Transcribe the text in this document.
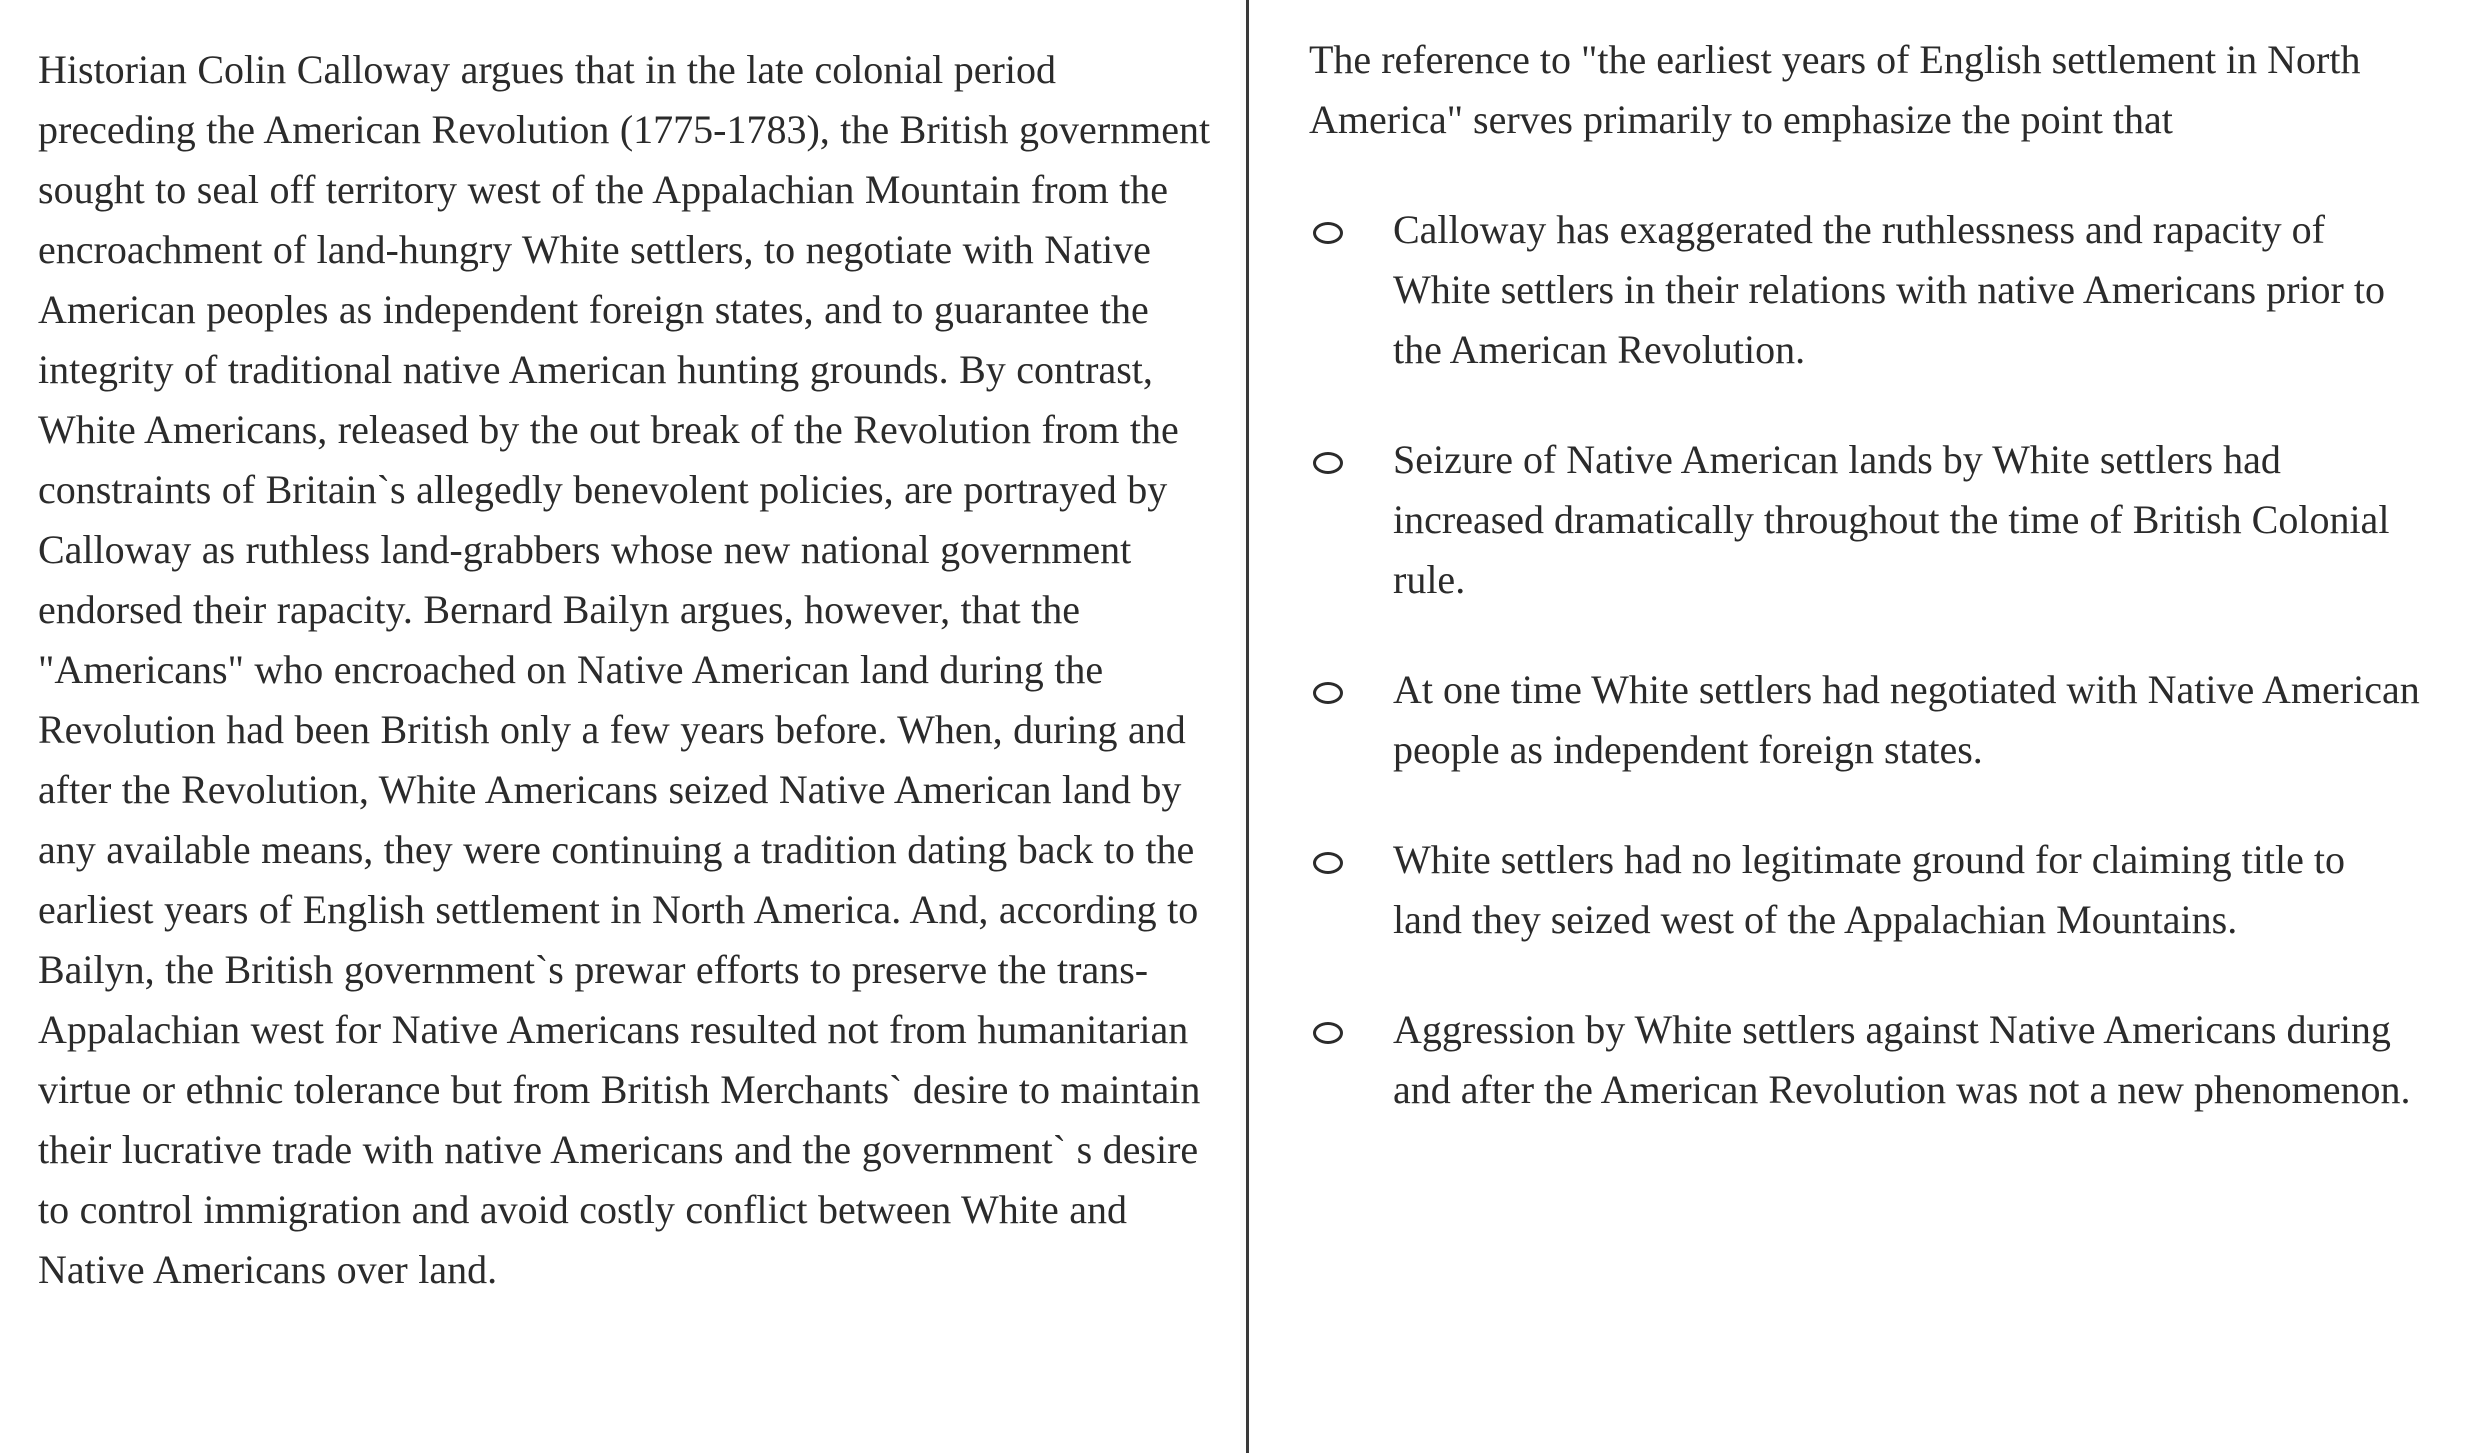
Historian Colin Calloway argues that in the late colonial period preceding the American Revolution (1775-1783), the British government sought to seal off territory west of the Appalachian Mountain from the encroachment of land-hungry White settlers, to negotiate with Native American peoples as independent foreign states, and to guarantee the integrity of traditional native American hunting grounds. By contrast, White Americans, released by the out break of the Revolution from the constraints of Britain`s allegedly benevolent policies, are portrayed by Calloway as ruthless land-grabbers whose new national government endorsed their rapacity. Bernard Bailyn argues, however, that the "Americans" who encroached on Native American land during the Revolution had been British only a few years before. When, during and after the Revolution, White Americans seized Native American land by any available means, they were continuing a tradition dating back to the earliest years of English settlement in North America. And, according to Bailyn, the British government`s prewar efforts to preserve the trans-Appalachian west for Native Americans resulted not from humanitarian virtue or ethnic tolerance but from British Merchants` desire to maintain their lucrative trade with native Americans and the government` s desire to control immigration and avoid costly conflict between White and Native Americans over land.

The reference to "the earliest years of English settlement in North America" serves primarily to emphasize the point that

Calloway has exaggerated the ruthlessness and rapacity of White settlers in their relations with native Americans prior to the American Revolution.
Seizure of Native American lands by White settlers had increased dramatically throughout the time of British Colonial rule.
At one time White settlers had negotiated with Native American people as independent foreign states.
White settlers had no legitimate ground for claiming title to land they seized west of the Appalachian Mountains.
Aggression by White settlers against Native Americans during and after the American Revolution was not a new phenomenon.
